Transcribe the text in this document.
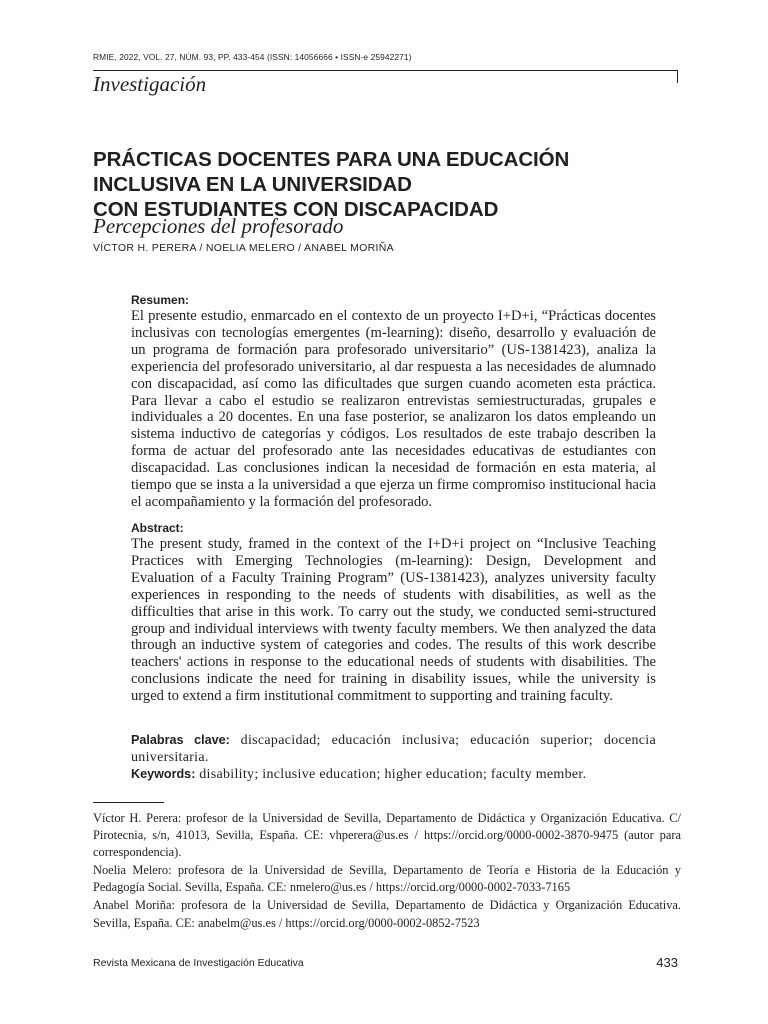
RMIE, 2022, VOL. 27, NÚM. 93, PP. 433-454 (ISSN: 14056666 • ISSN-e 25942271)
Investigación
PRÁCTICAS DOCENTES PARA UNA EDUCACIÓN
INCLUSIVA EN LA UNIVERSIDAD
CON ESTUDIANTES CON DISCAPACIDAD
Percepciones del profesorado
VÍCTOR H. PERERA / NOELIA MELERO / ANABEL MORIÑA
Resumen:
El presente estudio, enmarcado en el contexto de un proyecto I+D+i, “Prácticas docentes inclusivas con tecnologías emergentes (m-learning): diseño, desarrollo y evaluación de un programa de formación para profesorado universitario” (US-1381423), analiza la experiencia del profesorado universitario, al dar respuesta a las necesidades de alumnado con discapacidad, así como las dificultades que surgen cuando acometen esta práctica. Para llevar a cabo el estudio se realizaron entrevistas semiestructuradas, grupales e individuales a 20 docentes. En una fase posterior, se analizaron los datos empleando un sistema inductivo de categorías y códigos. Los resultados de este trabajo describen la forma de actuar del profesorado ante las necesidades educativas de estudiantes con discapacidad. Las conclusiones indican la necesidad de formación en esta materia, al tiempo que se insta a la universidad a que ejerza un firme compromiso institucional hacia el acompañamiento y la formación del profesorado.
Abstract:
The present study, framed in the context of the I+D+i project on “Inclusive Teaching Practices with Emerging Technologies (m-learning): Design, Development and Evaluation of a Faculty Training Program” (US-1381423), analyzes university faculty experiences in responding to the needs of students with disabilities, as well as the difficulties that arise in this work. To carry out the study, we conducted semi-structured group and individual interviews with twenty faculty members. We then analyzed the data through an inductive system of categories and codes. The results of this work describe teachers' actions in response to the educational needs of students with disabilities. The conclusions indicate the need for training in disability issues, while the university is urged to extend a firm institutional commitment to supporting and training faculty.
Palabras clave: discapacidad; educación inclusiva; educación superior; docencia universitaria.
Keywords: disability; inclusive education; higher education; faculty member.
Víctor H. Perera: profesor de la Universidad de Sevilla, Departamento de Didáctica y Organización Educativa. C/ Pirotecnia, s/n, 41013, Sevilla, España. CE: vhperera@us.es / https://orcid.org/0000-0002-3870-9475 (autor para correspondencia).
Noelia Melero: profesora de la Universidad de Sevilla, Departamento de Teoría e Historia de la Educación y Pedagogía Social. Sevilla, España. CE: nmelero@us.es / https://orcid.org/0000-0002-7033-7165
Anabel Moriña: profesora de la Universidad de Sevilla, Departamento de Didáctica y Organización Educativa. Sevilla, España. CE: anabelm@us.es / https://orcid.org/0000-0002-0852-7523
Revista Mexicana de Investigación Educativa	433
